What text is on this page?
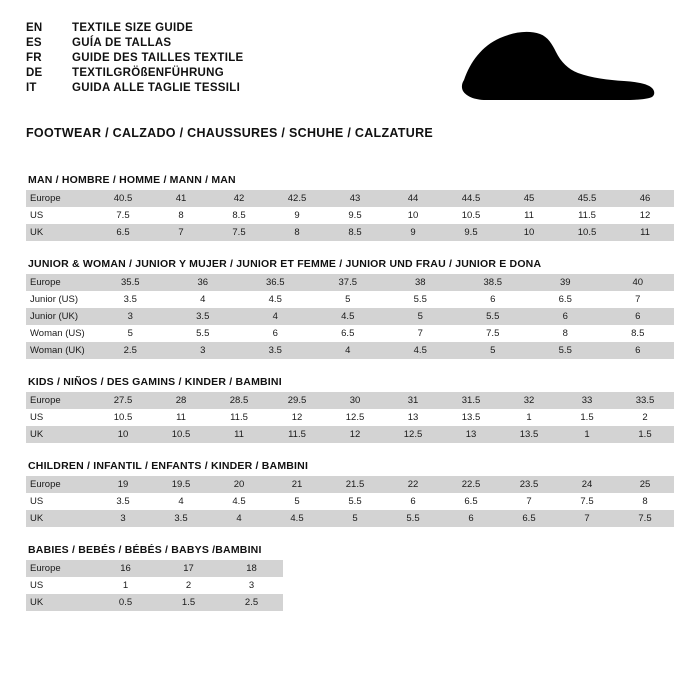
EN	TEXTILE SIZE GUIDE
ES	GUÍA DE TALLAS
FR	GUIDE DES TAILLES TEXTILE
DE	TEXTILGRÖßENFÜHRUNG
IT	GUIDA ALLE TAGLIE TESSILI
FOOTWEAR / CALZADO / CHAUSSURES / SCHUHE / CALZATURE
MAN / HOMBRE / HOMME / MANN / MAN
Europe	40.5	41	42	42.5	43	44	44.5	45	45.5	46
US	7.5	8	8.5	9	9.5	10	10.5	11	11.5	12
UK	6.5	7	7.5	8	8.5	9	9.5	10	10.5	11
JUNIOR & WOMAN / JUNIOR Y MUJER / JUNIOR ET FEMME / JUNIOR UND FRAU / JUNIOR E DONA
Europe	35.5	36	36.5	37.5	38	38.5	39	40
Junior (US)	3.5	4	4.5	5	5.5	6	6.5	7
Junior (UK)	3	3.5	4	4.5	5	5.5	6	6
Woman (US)	5	5.5	6	6.5	7	7.5	8	8.5
Woman (UK)	2.5	3	3.5	4	4.5	5	5.5	6
KIDS / NIÑOS / DES GAMINS / KINDER / BAMBINI
Europe	27.5	28	28.5	29.5	30	31	31.5	32	33	33.5
US	10.5	11	11.5	12	12.5	13	13.5	1	1.5	2
UK	10	10.5	11	11.5	12	12.5	13	13.5	1	1.5
CHILDREN / INFANTIL / ENFANTS / KINDER / BAMBINI
Europe	19	19.5	20	21	21.5	22	22.5	23.5	24	25
US	3.5	4	4.5	5	5.5	6	6.5	7	7.5	8
UK	3	3.5	4	4.5	5	5.5	6	6.5	7	7.5
BABIES / BEBÉS / BÉBÉS / BABYS /BAMBINI
Europe	16	17	18	
US	1	2	3	
UK	0.5	1.5	2.5	
